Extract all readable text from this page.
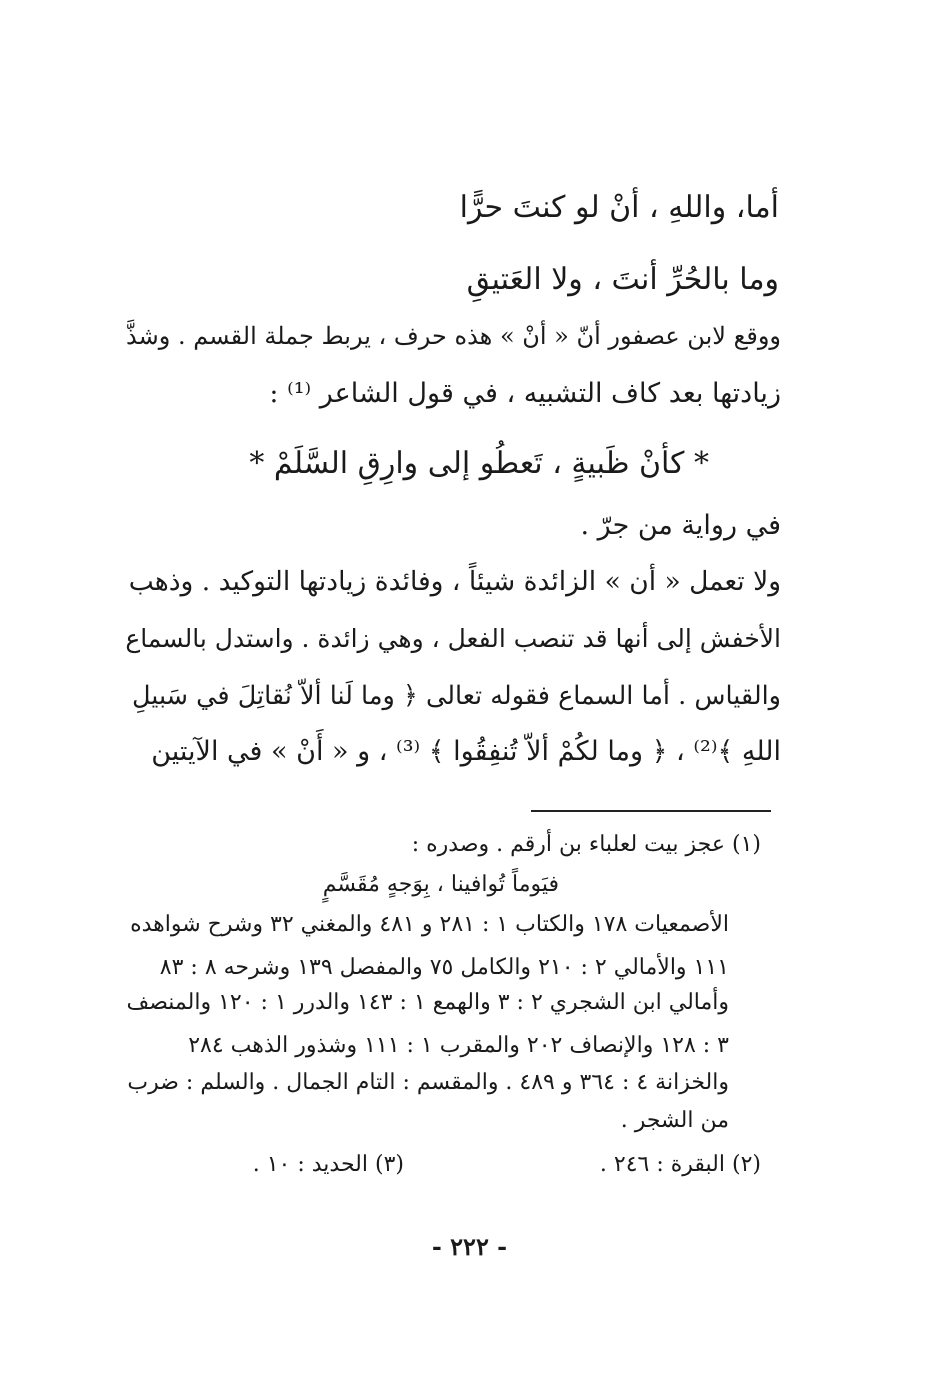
أما، واللهِ ، أنْ لو كنتَ حرًّا
وما بالحُرِّ أنتَ ، ولا العَتيقِ
ووقع لابن عصفور أنّ « أنْ » هذه حرف ، يربط جملة القسم . وشذَّ
زيادتها بعد كاف التشبيه ، في قول الشاعر ⁽¹⁾ :
* كأنْ ظَبيةٍ ، تَعطُو إلى وارِقِ السَّلَمْ *
في رواية من جرّ .
ولا تعمل « أن » الزائدة شيئاً ، وفائدة زيادتها التوكيد . وذهب
الأخفش إلى أنها قد تنصب الفعل ، وهي زائدة . واستدل بالسماع
والقياس . أما السماع فقوله تعالى ﴿ وما لَنا ألاّ نُقاتِلَ في سَبيلِ
اللهِ ﴾⁽²⁾ ، ﴿ وما لكُمْ ألاّ تُنفِقُوا ﴾ ⁽³⁾ ، و « أَنْ » في الآيتين
(١) عجز بيت لعلباء بن أرقم . وصدره :
فيَوماً تُوافينا ، بِوَجهٍ مُقَسَّمٍ
الأصمعيات ١٧٨ والكتاب ١ : ٢٨١ و ٤٨١ والمغني ٣٢ وشرح شواهده
١١١ والأمالي ٢ : ٢١٠ والكامل ٧٥ والمفصل ١٣٩ وشرحه ٨ : ٨٣
وأمالي ابن الشجري ٢ : ٣ والهمع ١ : ١٤٣ والدرر ١ : ١٢٠ والمنصف
٣ : ١٢٨ والإنصاف ٢٠٢ والمقرب ١ : ١١١ وشذور الذهب ٢٨٤
والخزانة ٤ : ٣٦٤ و ٤٨٩ . والمقسم : التام الجمال . والسلم : ضرب
من الشجر .
(٢) البقرة : ٢٤٦ .
(٣) الحديد : ١٠ .
- ٢٢٢ -
